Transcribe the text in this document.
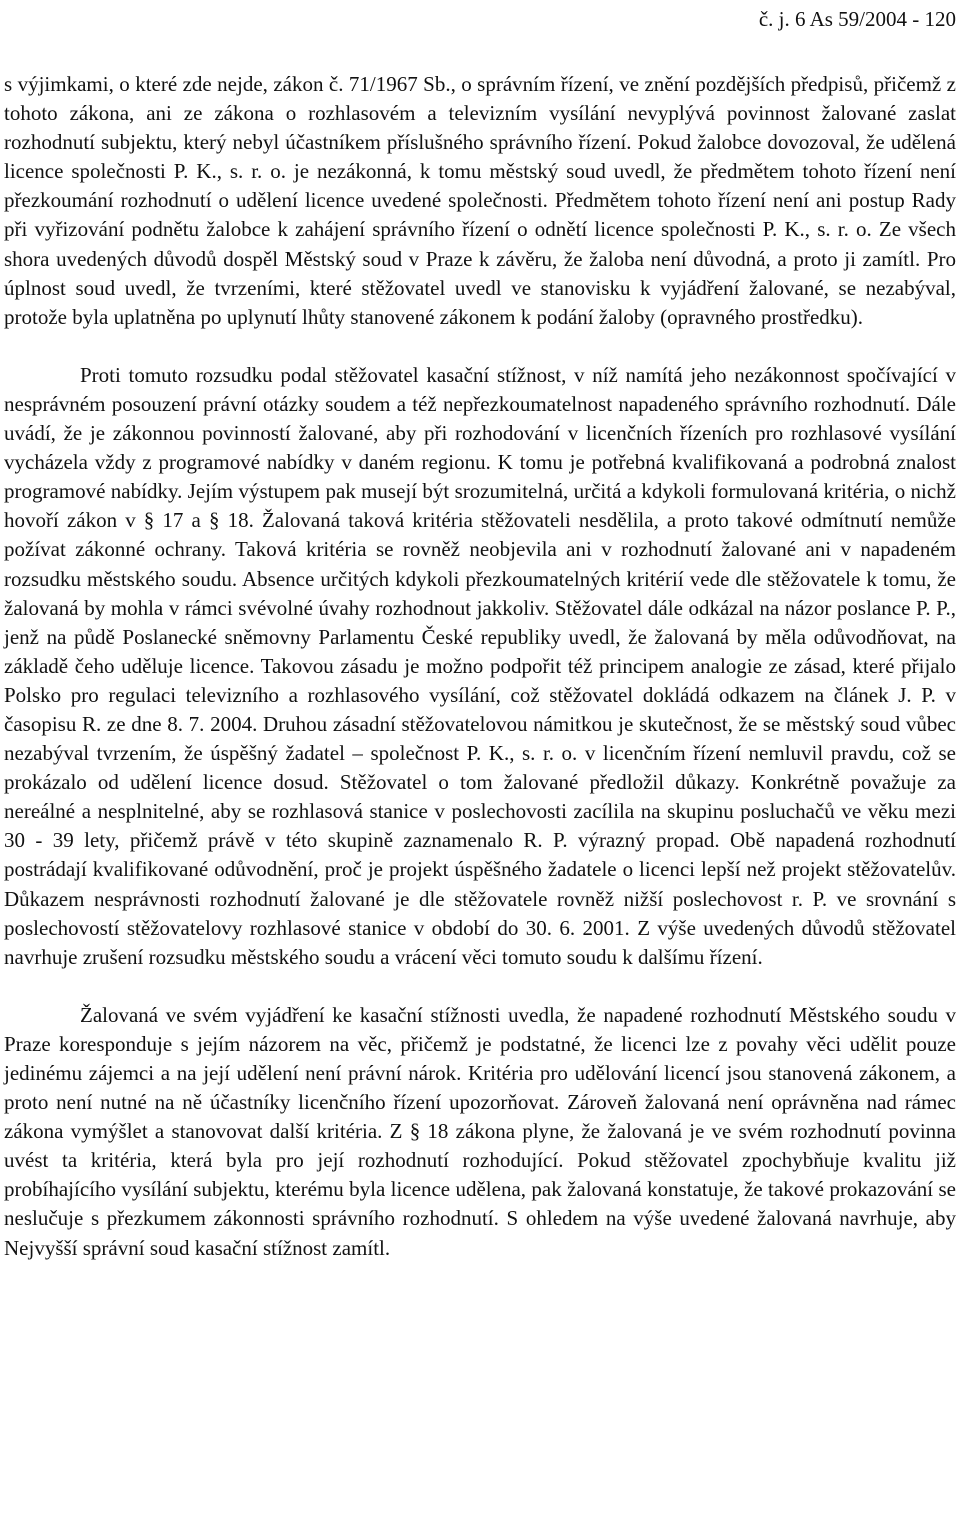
č. j. 6 As 59/2004 - 120

s výjimkami, o které zde nejde, zákon č. 71/1967 Sb., o správním řízení, ve znění pozdějších předpisů, přičemž z tohoto zákona, ani ze zákona o rozhlasovém a televizním vysílání nevyplývá povinnost žalované zaslat rozhodnutí subjektu, který nebyl účastníkem příslušného správního řízení. Pokud žalobce dovozoval, že udělená licence společnosti P. K., s. r. o. je nezákonná, k tomu městský soud uvedl, že předmětem tohoto řízení není přezkoumání rozhodnutí o udělení licence uvedené společnosti. Předmětem tohoto řízení není ani postup Rady při vyřizování podnětu žalobce k zahájení správního řízení o odnětí licence společnosti P. K., s. r. o. Ze všech shora uvedených důvodů dospěl Městský soud v Praze k závěru, že žaloba není důvodná, a proto ji zamítl. Pro úplnost soud uvedl, že tvrzeními, které stěžovatel uvedl ve stanovisku k vyjádření žalované, se nezabýval, protože byla uplatněna po uplynutí lhůty stanovené zákonem k podání žaloby (opravného prostředku).

Proti tomuto rozsudku podal stěžovatel kasační stížnost, v níž namítá jeho nezákonnost spočívající v nesprávném posouzení právní otázky soudem a též nepřezkoumatelnost napadeného správního rozhodnutí. Dále uvádí, že je zákonnou povinností žalované, aby při rozhodování v licenčních řízeních pro rozhlasové vysílání vycházela vždy z programové nabídky v daném regionu. K tomu je potřebná kvalifikovaná a podrobná znalost programové nabídky. Jejím výstupem pak musejí být srozumitelná, určitá a kdykoli formulovaná kritéria, o nichž hovoří zákon v § 17 a § 18. Žalovaná taková kritéria stěžovateli nesdělila, a proto takové odmítnutí nemůže požívat zákonné ochrany. Taková kritéria se rovněž neobjevila ani v rozhodnutí žalované ani v napadeném rozsudku městského soudu. Absence určitých kdykoli přezkoumatelných kritérií vede dle stěžovatele k tomu, že žalovaná by mohla v rámci svévolné úvahy rozhodnout jakkoliv. Stěžovatel dále odkázal na názor poslance P. P., jenž na půdě Poslanecké sněmovny Parlamentu České republiky uvedl, že žalovaná by měla odůvodňovat, na základě čeho uděluje licence. Takovou zásadu je možno podpořit též principem analogie ze zásad, které přijalo Polsko pro regulaci televizního a rozhlasového vysílání, což stěžovatel dokládá odkazem na článek J. P. v časopisu R. ze dne 8. 7. 2004. Druhou zásadní stěžovatelovou námitkou je skutečnost, že se městský soud vůbec nezabýval tvrzením, že úspěšný žadatel – společnost P. K., s. r. o. v licenčním řízení nemluvil pravdu, což se prokázalo od udělení licence dosud. Stěžovatel o tom žalované předložil důkazy. Konkrétně považuje za nereálné a nesplnitelné, aby se rozhlasová stanice v poslechovosti zacílila na skupinu posluchačů ve věku mezi 30 - 39 lety, přičemž právě v této skupině zaznamenalo R. P. výrazný propad. Obě napadená rozhodnutí postrádají kvalifikované odůvodnění, proč je projekt úspěšného žadatele o licenci lepší než projekt stěžovatelův. Důkazem nesprávnosti rozhodnutí žalované je dle stěžovatele rovněž nižší poslechovost r. P. ve srovnání s poslechovostí stěžovatelovy rozhlasové stanice v období do 30. 6. 2001. Z výše uvedených důvodů stěžovatel navrhuje zrušení rozsudku městského soudu a vrácení věci tomuto soudu k dalšímu řízení.

Žalovaná ve svém vyjádření ke kasační stížnosti uvedla, že napadené rozhodnutí Městského soudu v Praze koresponduje s jejím názorem na věc, přičemž je podstatné, že licenci lze z povahy věci udělit pouze jedinému zájemci a na její udělení není právní nárok. Kritéria pro udělování licencí jsou stanovená zákonem, a proto není nutné na ně účastníky licenčního řízení upozorňovat. Zároveň žalovaná není oprávněna nad rámec zákona vymýšlet a stanovovat další kritéria. Z § 18 zákona plyne, že žalovaná je ve svém rozhodnutí povinna uvést ta kritéria, která byla pro její rozhodnutí rozhodující. Pokud stěžovatel zpochybňuje kvalitu již probíhajícího vysílání subjektu, kterému byla licence udělena, pak žalovaná konstatuje, že takové prokazování se neslučuje s přezkumem zákonnosti správního rozhodnutí. S ohledem na výše uvedené žalovaná navrhuje, aby Nejvyšší správní soud kasační stížnost zamítl.
